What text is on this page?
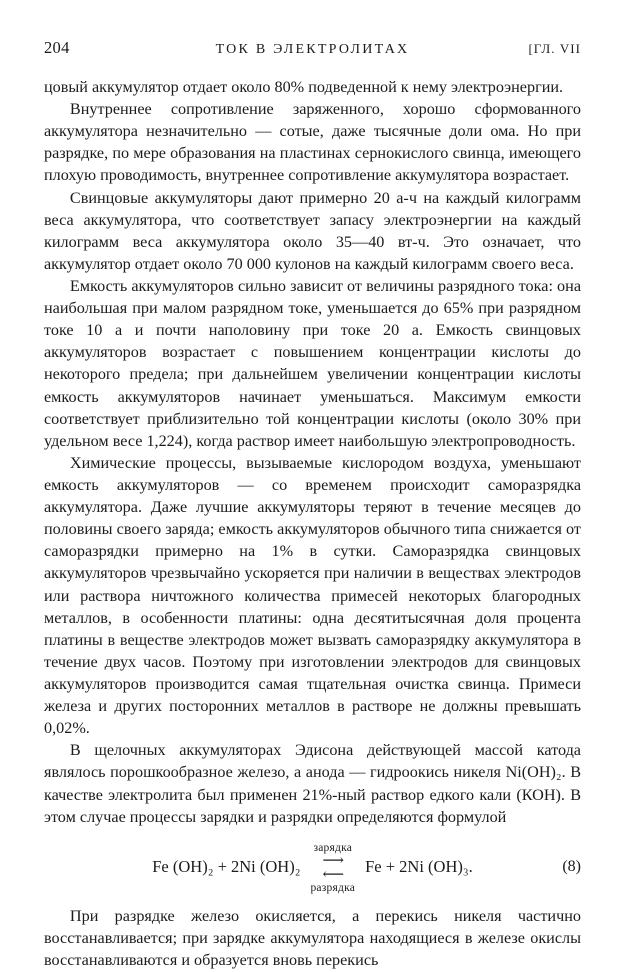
204	ТОК В ЭЛЕКТРОЛИТАХ	[ГЛ. VII

цовый аккумулятор отдает около 80% подведенной к нему электроэнергии.

Внутреннее сопротивление заряженного, хорошо сформованного аккумулятора незначительно — сотые, даже тысячные доли ома. Но при разрядке, по мере образования на пластинах сернокислого свинца, имеющего плохую проводимость, внутреннее сопротивление аккумулятора возрастает.

Свинцовые аккумуляторы дают примерно 20 а-ч на каждый килограмм веса аккумулятора, что соответствует запасу электроэнергии на каждый килограмм веса аккумулятора около 35—40 вт-ч. Это означает, что аккумулятор отдает около 70 000 кулонов на каждый килограмм своего веса.

Емкость аккумуляторов сильно зависит от величины разрядного тока: она наибольшая при малом разрядном токе, уменьшается до 65% при разрядном токе 10 а и почти наполовину при токе 20 а. Емкость свинцовых аккумуляторов возрастает с повышением концентрации кислоты до некоторого предела; при дальнейшем увеличении концентрации кислоты емкость аккумуляторов начинает уменьшаться. Максимум емкости соответствует приблизительно той концентрации кислоты (около 30% при удельном весе 1,224), когда раствор имеет наибольшую электропроводность.

Химические процессы, вызываемые кислородом воздуха, уменьшают емкость аккумуляторов — со временем происходит саморазрядка аккумулятора. Даже лучшие аккумуляторы теряют в течение месяцев до половины своего заряда; емкость аккумуляторов обычного типа снижается от саморазрядки примерно на 1% в сутки. Саморазрядка свинцовых аккумуляторов чрезвычайно ускоряется при наличии в веществах электродов или раствора ничтожного количества примесей некоторых благородных металлов, в особенности платины: одна десятитысячная доля процента платины в веществе электродов может вызвать саморазрядку аккумулятора в течение двух часов. Поэтому при изготовлении электродов для свинцовых аккумуляторов производится самая тщательная очистка свинца. Примеси железа и других посторонних металлов в растворе не должны превышать 0,02%.

В щелочных аккумуляторах Эдисона действующей массой катода являлось порошкообразное железо, а анода — гидроокись никеля Ni(OH)₂. В качестве электролита был применен 21%-ный раствор едкого кали (КОН). В этом случае процессы зарядки и разрядки определяются формулой

Fe (OH)₂ + 2Ni (OH)₂
зарядка
⟶
⟵
разрядка
Fe + 2Ni (OH)₃.	(8)

При разрядке железо окисляется, а перекись никеля частично восстанавливается; при зарядке аккумулятора находящиеся в железе окислы восстанавливаются и образуется вновь перекись
